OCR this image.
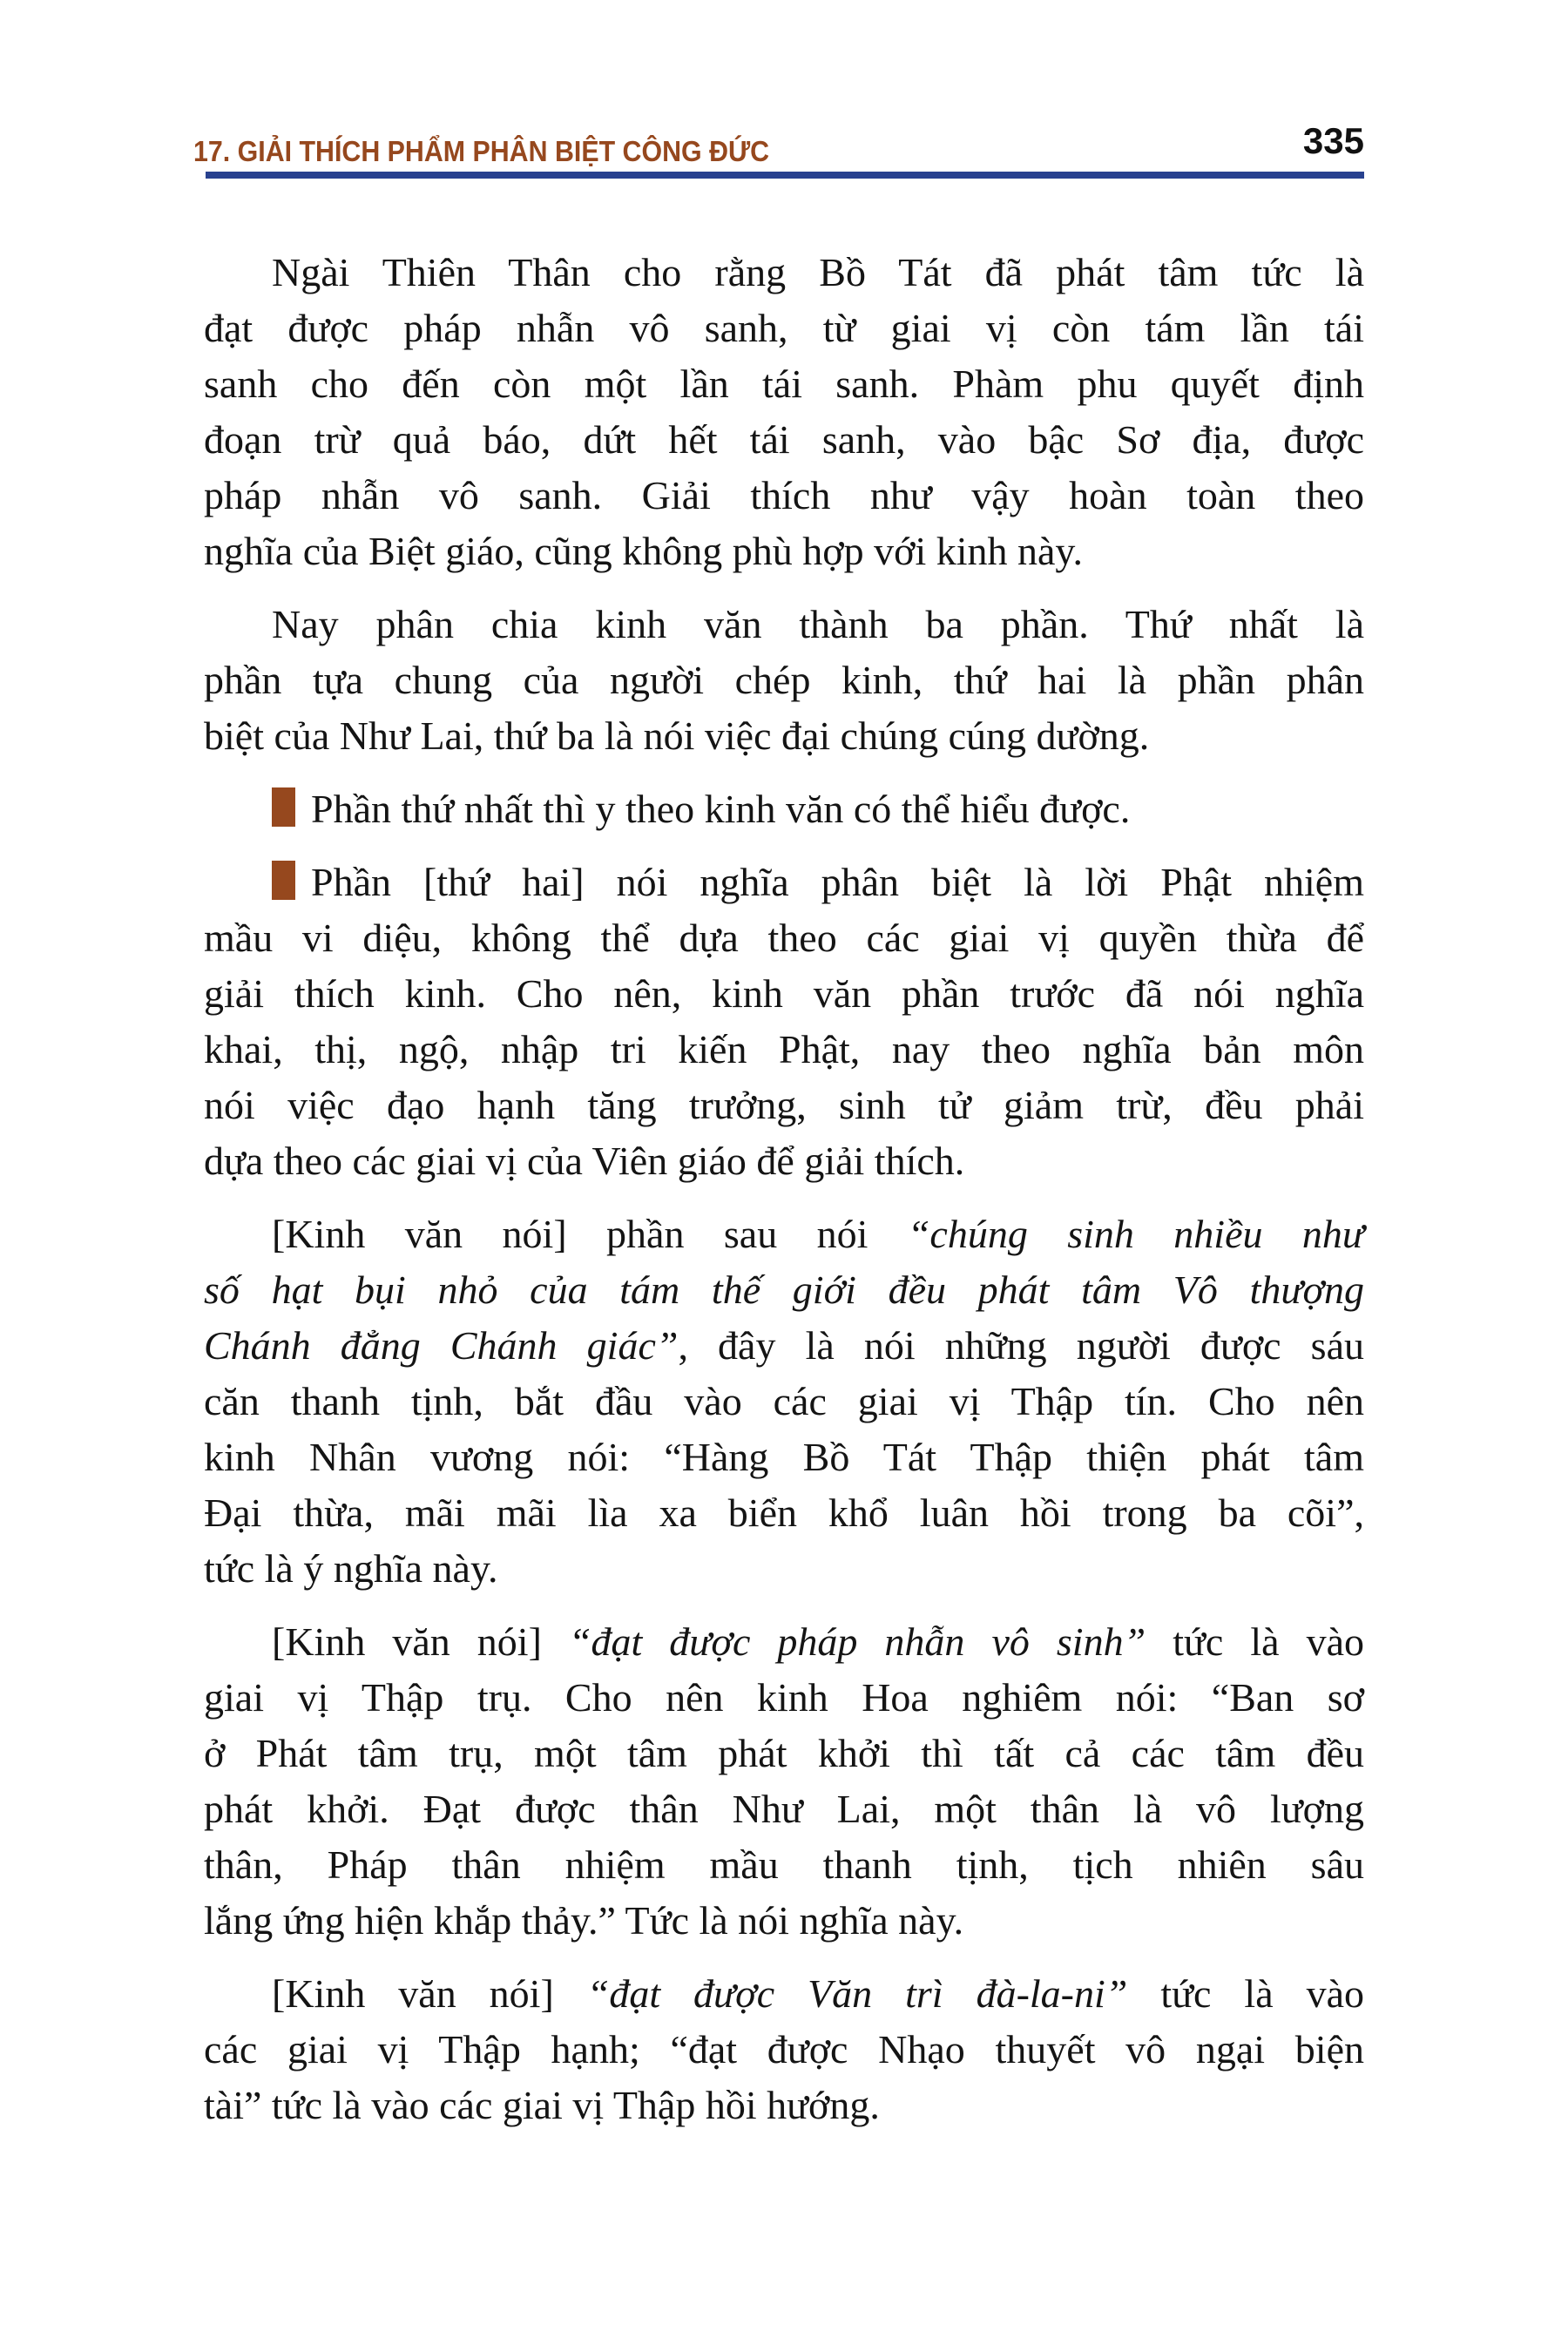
17. GIẢI THÍCH PHẨM PHÂN BIỆT CÔNG ĐỨC	335
Ngài Thiên Thân cho rằng Bồ Tát đã phát tâm tức là
đạt được pháp nhẫn vô sanh, từ giai vị còn tám lần tái
sanh cho đến còn một lần tái sanh. Phàm phu quyết định
đoạn trừ quả báo, dứt hết tái sanh, vào bậc Sơ địa, được
pháp nhẫn vô sanh. Giải thích như vậy hoàn toàn theo
nghĩa của Biệt giáo, cũng không phù hợp với kinh này.
Nay phân chia kinh văn thành ba phần. Thứ nhất là
phần tựa chung của người chép kinh, thứ hai là phần phân
biệt của Như Lai, thứ ba là nói việc đại chúng cúng dường.
Phần thứ nhất thì y theo kinh văn có thể hiểu được.
Phần [thứ hai] nói nghĩa phân biệt là lời Phật nhiệm
mầu vi diệu, không thể dựa theo các giai vị quyền thừa để
giải thích kinh. Cho nên, kinh văn phần trước đã nói nghĩa
khai, thị, ngộ, nhập tri kiến Phật, nay theo nghĩa bản môn
nói việc đạo hạnh tăng trưởng, sinh tử giảm trừ, đều phải
dựa theo các giai vị của Viên giáo để giải thích.
[Kinh văn nói] phần sau nói “chúng sinh nhiều như
số hạt bụi nhỏ của tám thế giới đều phát tâm Vô thượng
Chánh đẳng Chánh giác”, đây là nói những người được sáu
căn thanh tịnh, bắt đầu vào các giai vị Thập tín. Cho nên
kinh Nhân vương nói: “Hàng Bồ Tát Thập thiện phát tâm
Đại thừa, mãi mãi lìa xa biển khổ luân hồi trong ba cõi”,
tức là ý nghĩa này.
[Kinh văn nói] “đạt được pháp nhẫn vô sinh” tức là vào
giai vị Thập trụ. Cho nên kinh Hoa nghiêm nói: “Ban sơ
ở Phát tâm trụ, một tâm phát khởi thì tất cả các tâm đều
phát khởi. Đạt được thân Như Lai, một thân là vô lượng
thân, Pháp thân nhiệm mầu thanh tịnh, tịch nhiên sâu
lắng ứng hiện khắp thảy.” Tức là nói nghĩa này.
[Kinh văn nói] “đạt được Văn trì đà-la-ni” tức là vào
các giai vị Thập hạnh; “đạt được Nhạo thuyết vô ngại biện
tài” tức là vào các giai vị Thập hồi hướng.
